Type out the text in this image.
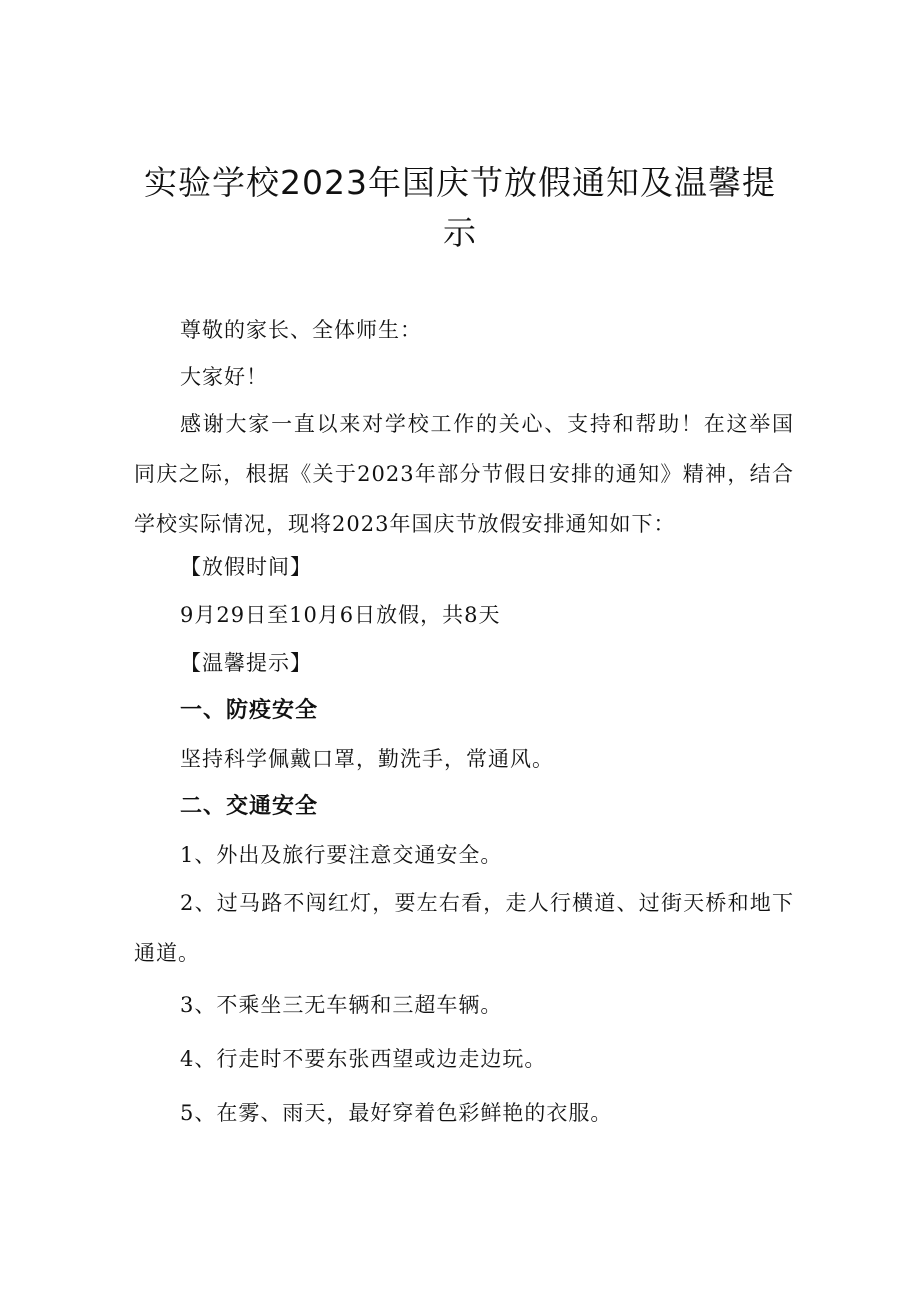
实验学校2023年国庆节放假通知及温馨提示

尊敬的家长、全体师生：

大家好！

感谢大家一直以来对学校工作的关心、支持和帮助！在这举国同庆之际，根据《关于2023年部分节假日安排的通知》精神，结合学校实际情况，现将2023年国庆节放假安排通知如下：

【放假时间】

9月29日至10月6日放假，共8天

【温馨提示】

一、防疫安全

坚持科学佩戴口罩，勤洗手，常通风。

二、交通安全

1、外出及旅行要注意交通安全。

2、过马路不闯红灯，要左右看，走人行横道、过街天桥和地下通道。

3、不乘坐三无车辆和三超车辆。

4、行走时不要东张西望或边走边玩。

5、在雾、雨天，最好穿着色彩鲜艳的衣服。
